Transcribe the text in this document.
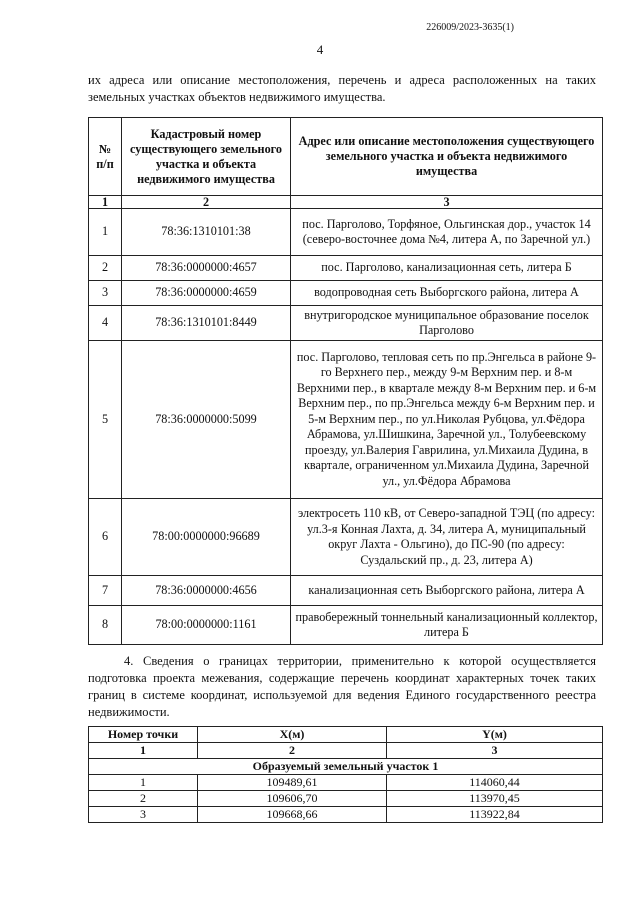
226009/2023-3635(1)
4
их адреса или описание местоположения, перечень и адреса расположенных на таких земельных участках объектов недвижимого имущества.
№ п/п	Кадастровый номер существующего земельного участка и объекта недвижимого имущества	Адрес или описание местоположения существующего земельного участка и объекта недвижимого имущества
1	2	3
1	78:36:1310101:38	пос. Парголово, Торфяное, Ольгинская дор., участок 14 (северо-восточнее дома №4, литера А, по Заречной ул.)
2	78:36:0000000:4657	пос. Парголово, канализационная сеть, литера Б
3	78:36:0000000:4659	водопроводная сеть Выборгского района, литера А
4	78:36:1310101:8449	внутригородское муниципальное образование поселок Парголово
5	78:36:0000000:5099	пос. Парголово, тепловая сеть по пр.Энгельса в районе 9-го Верхнего пер., между 9-м Верхним пер. и 8-м Верхними пер., в квартале между 8-м Верхним пер. и 6-м Верхним пер., по пр.Энгельса между 6-м Верхним пер. и 5-м Верхним пер., по ул.Николая Рубцова, ул.Фёдора Абрамова, ул.Шишкина, Заречной ул., Толубеевскому проезду, ул.Валерия Гаврилина, ул.Михаила Дудина, в квартале, ограниченном ул.Михаила Дудина, Заречной ул., ул.Фёдора Абрамова
6	78:00:0000000:96689	электросеть 110 кВ, от Северо-западной ТЭЦ (по адресу: ул.3-я Конная Лахта, д. 34, литера А, муниципальный округ Лахта - Ольгино), до ПС-90 (по адресу: Суздальский пр., д. 23, литера А)
7	78:36:0000000:4656	канализационная сеть Выборгского района, литера А
8	78:00:0000000:1161	правобережный тоннельный канализационный коллектор, литера Б
4. Сведения о границах территории, применительно к которой осуществляется подготовка проекта межевания, содержащие перечень координат характерных точек таких границ в системе координат, используемой для ведения Единого государственного реестра недвижимости.
Номер точки	X(м)	Y(м)
1	2	3
Образуемый земельный участок 1		
1	109489,61	114060,44
2	109606,70	113970,45
3	109668,66	113922,84
